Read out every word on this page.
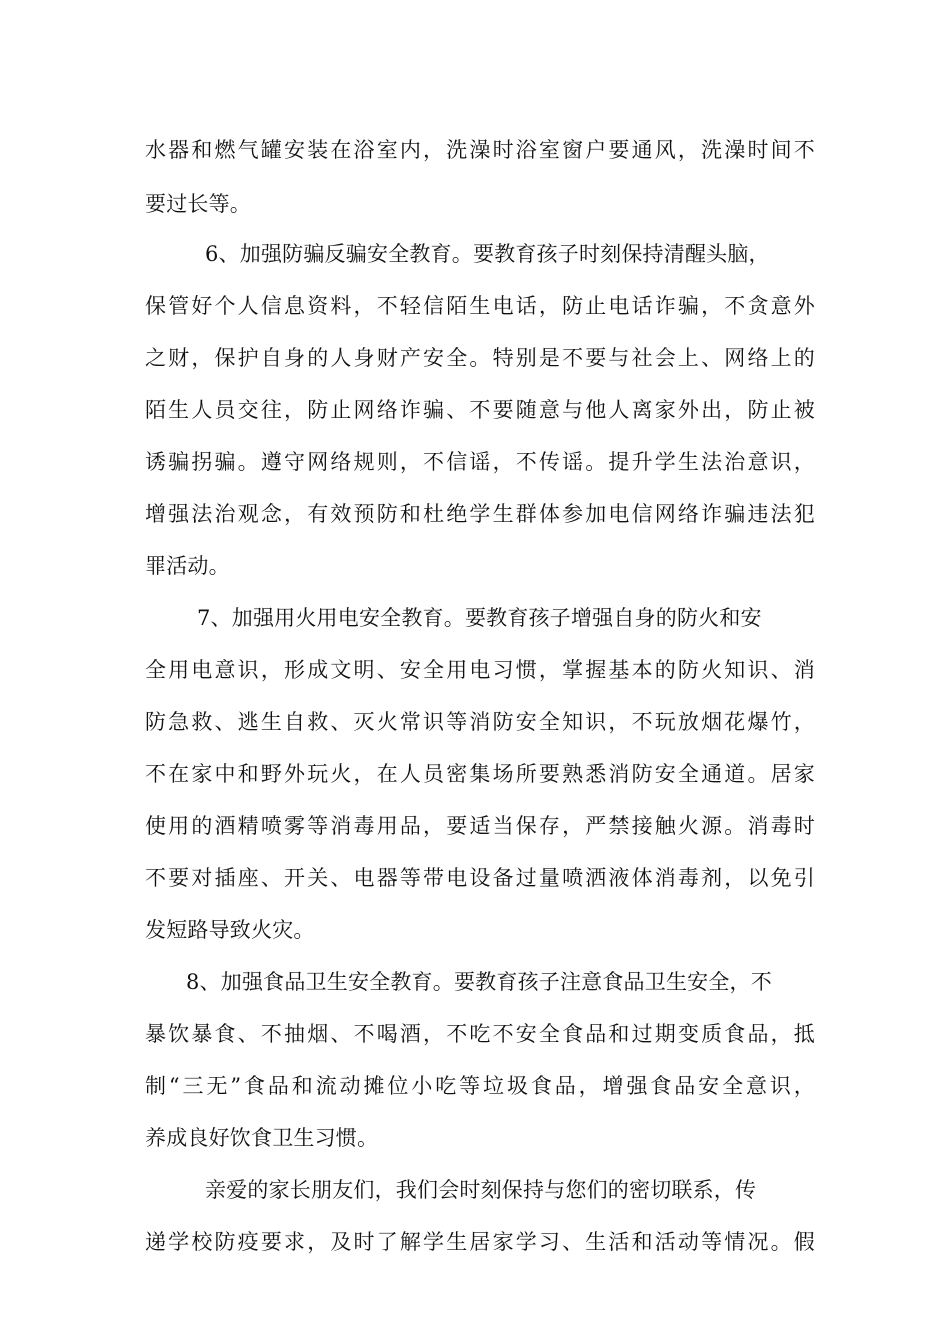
水器和燃气罐安装在浴室内，洗澡时浴室窗户要通风，洗澡时间不
要过长等。
6、加强防骗反骗安全教育。要教育孩子时刻保持清醒头脑，
保管好个人信息资料，不轻信陌生电话，防止电话诈骗，不贪意外
之财，保护自身的人身财产安全。特别是不要与社会上、网络上的
陌生人员交往，防止网络诈骗、不要随意与他人离家外出，防止被
诱骗拐骗。遵守网络规则，不信谣，不传谣。提升学生法治意识，
增强法治观念，有效预防和杜绝学生群体参加电信网络诈骗违法犯
罪活动。
7、加强用火用电安全教育。要教育孩子增强自身的防火和安
全用电意识，形成文明、安全用电习惯，掌握基本的防火知识、消
防急救、逃生自救、灭火常识等消防安全知识，不玩放烟花爆竹，
不在家中和野外玩火，在人员密集场所要熟悉消防安全通道。居家
使用的酒精喷雾等消毒用品，要适当保存，严禁接触火源。消毒时
不要对插座、开关、电器等带电设备过量喷洒液体消毒剂，以免引
发短路导致火灾。
8、加强食品卫生安全教育。要教育孩子注意食品卫生安全，不
暴饮暴食、不抽烟、不喝酒，不吃不安全食品和过期变质食品，抵
制“三无”食品和流动摊位小吃等垃圾食品，增强食品安全意识，
养成良好饮食卫生习惯。
亲爱的家长朋友们，我们会时刻保持与您们的密切联系，传
递学校防疫要求，及时了解学生居家学习、生活和活动等情况。假
